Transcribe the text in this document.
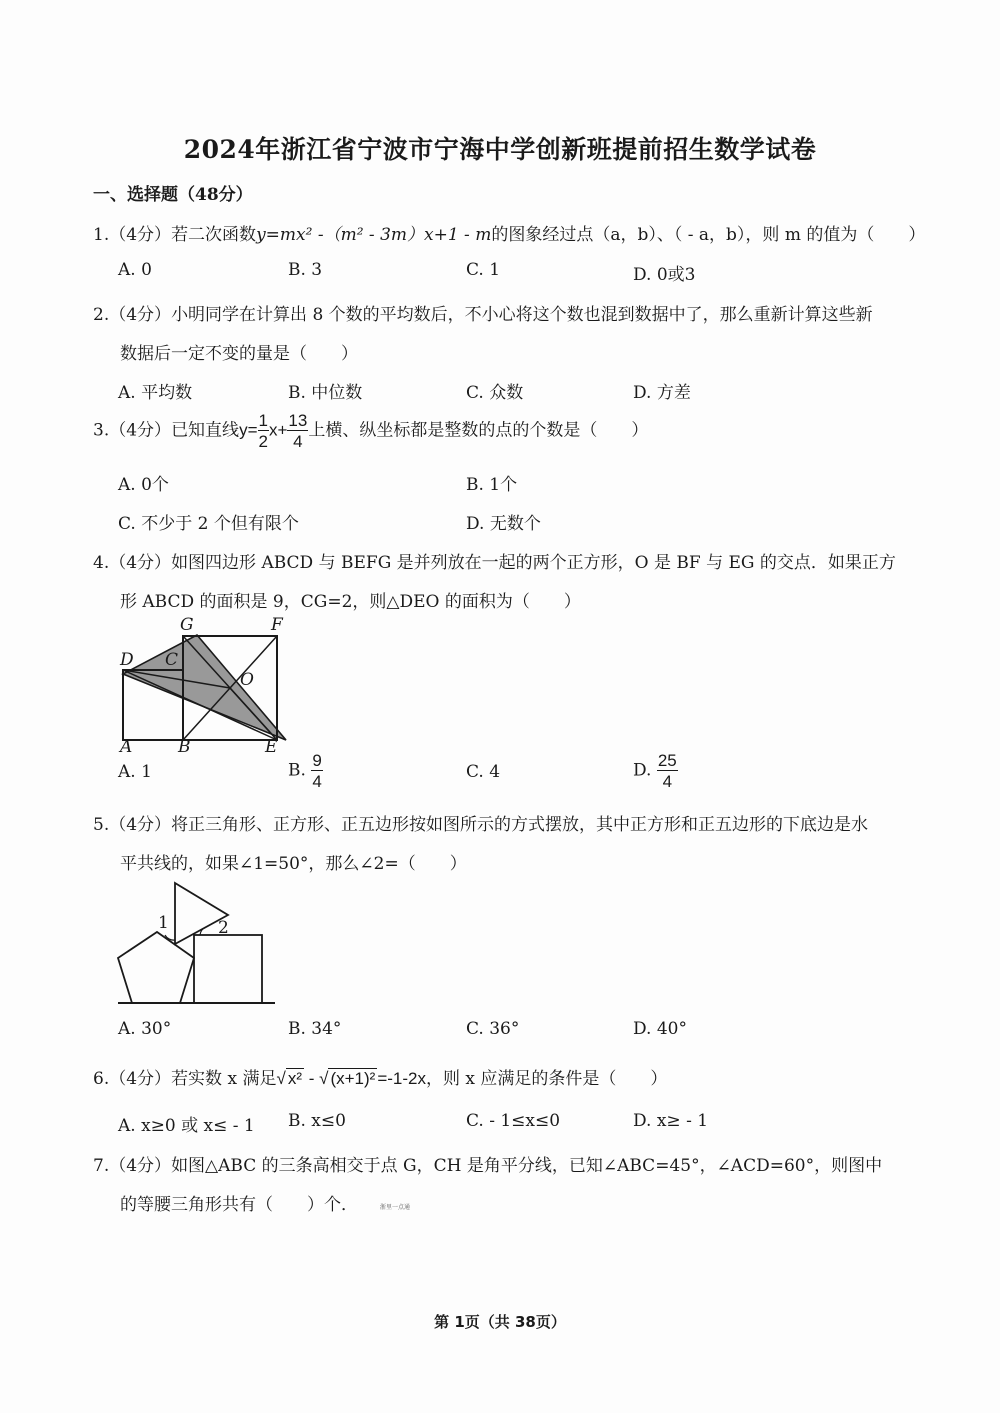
2024年浙江省宁波市宁海中学创新班提前招生数学试卷
一、选择题（48分）
1.（4分）若二次函数y=mx² -（m² - 3m）x+1 - m的图象经过点（a，b）、（ - a，b），则 m 的值为（　　）
A. 0	B. 3	C. 1	D. 0或3
2.（4分）小明同学在计算出 8 个数的平均数后，不小心将这个数也混到数据中了，那么重新计算这些新
数据后一定不变的量是（　　）
A. 平均数	B. 中位数	C. 众数	D. 方差
3.（4分）已知直线$y= \frac{1}{2} x+ \frac{13}{4}$ 上横、纵坐标都是整数的点的个数是（　　）
A. 0个	B. 1个
C. 不少于 2 个但有限个	D. 无数个
4.（4分）如图四边形 ABCD 与 BEFG 是并列放在一起的两个正方形，O 是 BF 与 EG 的交点．如果正方
形 ABCD 的面积是 9，CG=2，则△DEO 的面积为（　　）
G	F
D C
O
A	B	E
A. 1	B. $\frac{9}{4}$	C. 4	D. $\frac{25}{4}$
5.（4分）将正三角形、正方形、正五边形按如图所示的方式摆放，其中正方形和正五边形的下底边是水
平共线的，如果∠1=50°，那么∠2=（　　）
1	2
A. 30°	B. 34°	C. 36°	D. 40°
6.（4分）若实数 x 满足√ x² - √ (x+1)² =-1-2x，则 x 应满足的条件是（　　）
A. x≥0 或 x≤ - 1 B. x≤0	C. - 1≤x≤0	D. x≥ - 1
7.（4分）如图△ABC 的三条高相交于点 G，CH 是角平分线，已知∠ABC=45°，∠ACD=60°，则图中
的等腰三角形共有（　　）个．	浙里一点通
第 1页（共 38页）
